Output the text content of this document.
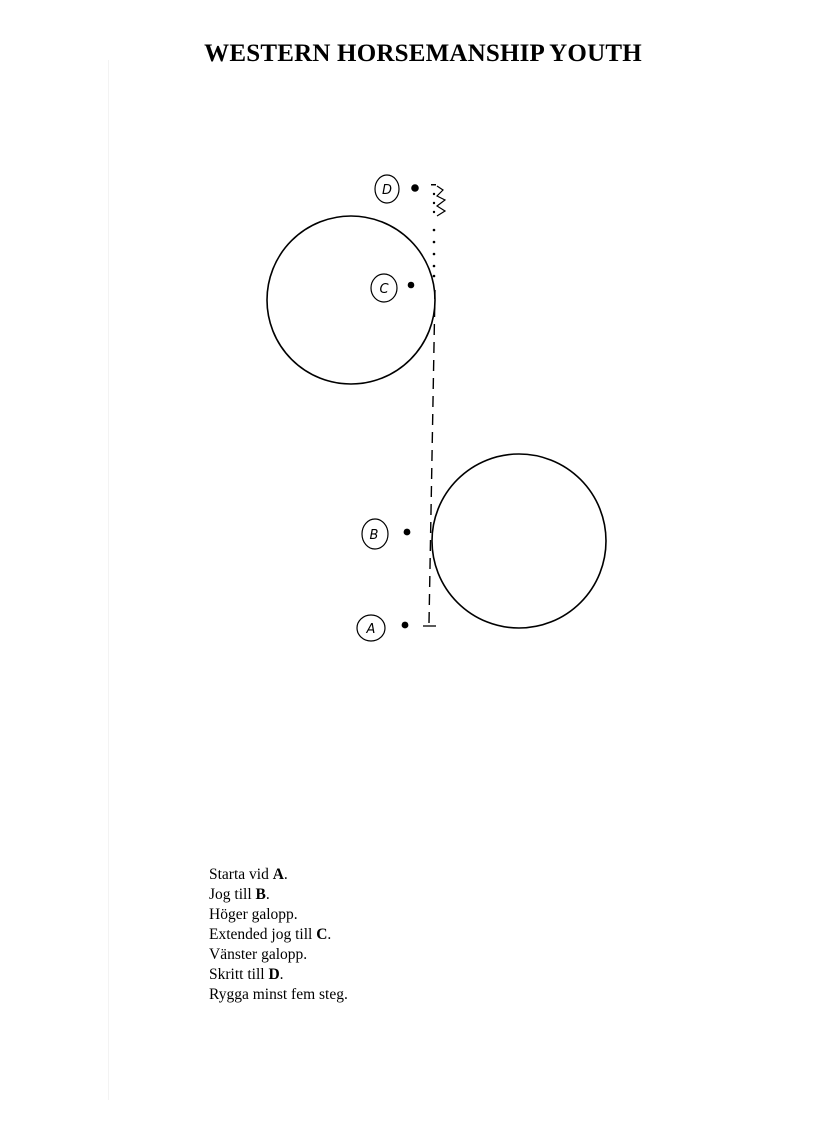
WESTERN HORSEMANSHIP YOUTH
D
C
B
A
Starta vid A.
Jog till B.
Höger galopp.
Extended jog till C.
Vänster galopp.
Skritt till D.
Rygga minst fem steg.
